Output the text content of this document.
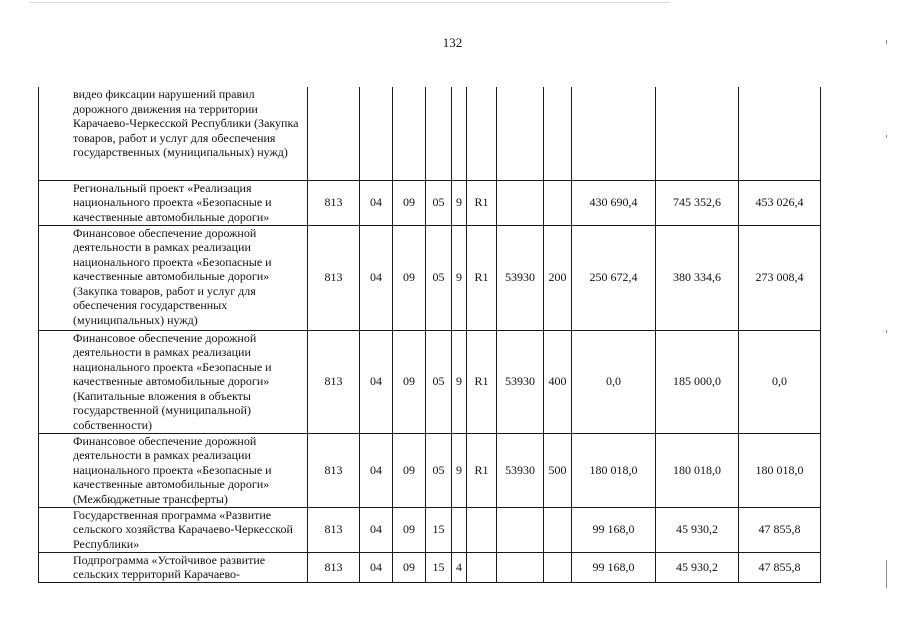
132
видео фиксации нарушений правил дорожного движения на территории Карачаево-Черкесской Республики (Закупка товаров, работ и услуг для обеспечения государственных (муниципальных) нужд)											
Региональный проект «Реализация национального проекта «Безопасные и качественные автомобильные дороги»	813	04	09	05	9	R1			430 690,4	745 352,6	453 026,4
Финансовое обеспечение дорожной деятельности в рамках реализации национального проекта «Безопасные и качественные автомобильные дороги» (Закупка товаров, работ и услуг для обеспечения государственных (муниципальных) нужд)	813	04	09	05	9	R1	53930	200	250 672,4	380 334,6	273 008,4
Финансовое обеспечение дорожной деятельности в рамках реализации национального проекта «Безопасные и качественные автомобильные дороги» (Капитальные вложения в объекты государственной (муниципальной) собственности)	813	04	09	05	9	R1	53930	400	0,0	185 000,0	0,0
Финансовое обеспечение дорожной деятельности в рамках реализации национального проекта «Безопасные и качественные автомобильные дороги» (Межбюджетные трансферты)	813	04	09	05	9	R1	53930	500	180 018,0	180 018,0	180 018,0
Государственная программа «Развитие сельского хозяйства Карачаево-Черкесской Республики»	813	04	09	15					99 168,0	45 930,2	47 855,8
Подпрограмма «Устойчивое развитие сельских территорий Карачаево-	813	04	09	15	4				99 168,0	45 930,2	47 855,8
